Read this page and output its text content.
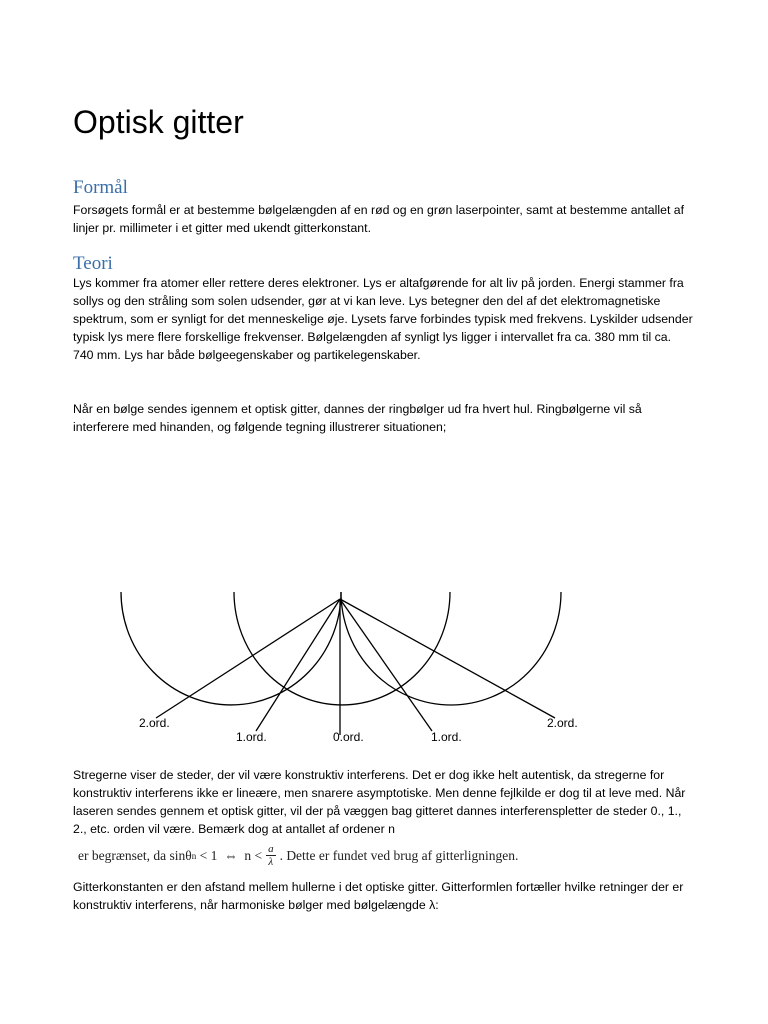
Optisk gitter
Formål

Forsøgets formål er at bestemme bølgelængden af en rød og en grøn laserpointer, samt at bestemme antallet af linjer pr. millimeter i et gitter med ukendt gitterkonstant.

Teori

Lys kommer fra atomer eller rettere deres elektroner. Lys er altafgørende for alt liv på jorden. Energi stammer fra sollys og den stråling som solen udsender, gør at vi kan leve. Lys betegner den del af det elektromagnetiske spektrum, som er synligt for det menneskelige øje. Lysets farve forbindes typisk med frekvens. Lyskilder udsender typisk lys mere flere forskellige frekvenser. Bølgelængden af synligt lys ligger i intervallet fra ca. 380 mm til ca. 740 mm. Lys har både bølgeegenskaber og partikelegenskaber.

Når en bølge sendes igennem et optisk gitter, dannes der ringbølger ud fra hvert hul. Ringbølgerne vil så interferere med hinanden, og følgende tegning illustrerer situationen;

2.ord.
1.ord.	0.ord.	1.ord.
2.ord.

Stregerne viser de steder, der vil være konstruktiv interferens. Det er dog ikke helt autentisk, da stregerne for konstruktiv interferens ikke er lineære, men snarere asymptotiske. Men denne fejlkilde er dog til at leve med. Når laseren sendes gennem et optisk gitter, vil der på væggen bag gitteret dannes interferenspletter de steder 0., 1., 2., etc. orden vil være. Bemærk dog at antallet af ordener n

er begrænset, da sinθ n < 1  ⇔  $n < \frac{a}{\lambda}$ . Dette er fundet ved brug af gitterligningen.

Gitterkonstanten er den afstand mellem hullerne i det optiske gitter. Gitterformlen fortæller hvilke retninger der er konstruktiv interferens, når harmoniske bølger med bølgelængde λ:
